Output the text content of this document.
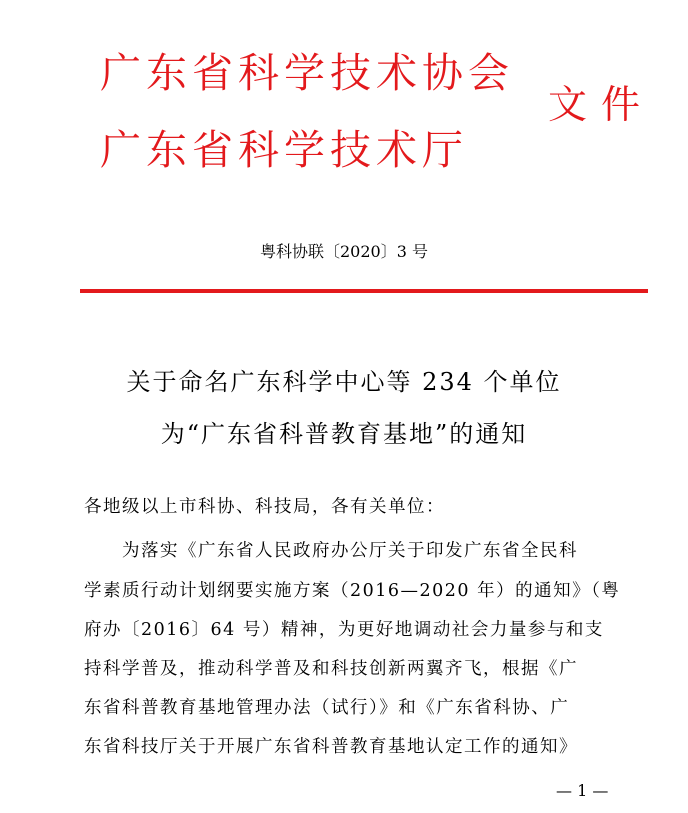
广东省科学技术协会
广东省科学技术厅
文件
粤科协联〔2020〕3 号
关于命名广东科学中心等 234 个单位
为“广东省科普教育基地”的通知
各地级以上市科协、科技局，各有关单位：
　　为落实《广东省人民政府办公厅关于印发广东省全民科
学素质行动计划纲要实施方案（2016—2020 年）的通知》（粤
府办〔2016〕64 号）精神，为更好地调动社会力量参与和支
持科学普及，推动科学普及和科技创新两翼齐飞，根据《广
东省科普教育基地管理办法（试行）》和《广东省科协、广
东省科技厅关于开展广东省科普教育基地认定工作的通知》
— 1 —
